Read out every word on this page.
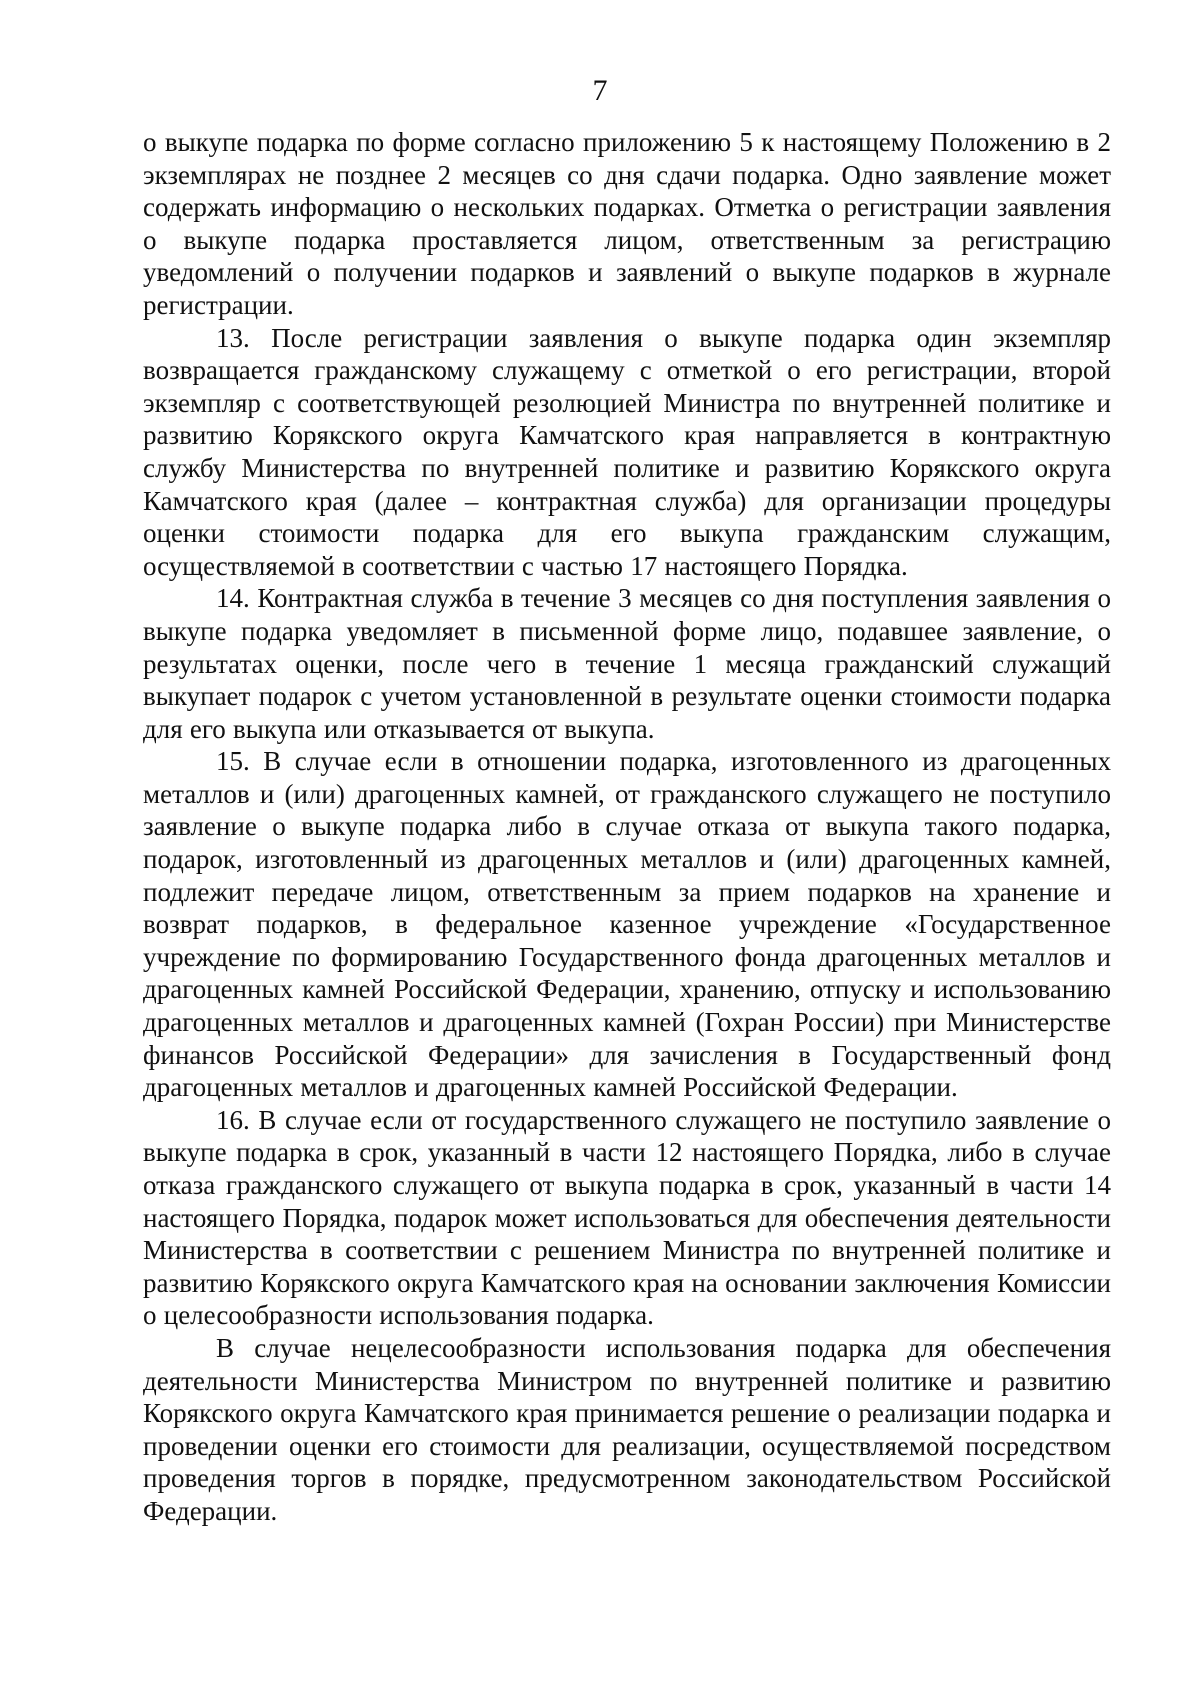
7

о выкупе подарка по форме согласно приложению 5 к настоящему Положению в 2 экземплярах не позднее 2 месяцев со дня сдачи подарка. Одно заявление может содержать информацию о нескольких подарках. Отметка о регистрации заявления о выкупе подарка проставляется лицом, ответственным за регистрацию уведомлений о получении подарков и заявлений о выкупе подарков в журнале регистрации.

13. После регистрации заявления о выкупе подарка один экземпляр возвращается гражданскому служащему с отметкой о его регистрации, второй экземпляр с соответствующей резолюцией Министра по внутренней политике и развитию Корякского округа Камчатского края направляется в контрактную службу Министерства по внутренней политике и развитию Корякского округа Камчатского края (далее – контрактная служба) для организации процедуры оценки стоимости подарка для его выкупа гражданским служащим, осуществляемой в соответствии с частью 17 настоящего Порядка.

14. Контрактная служба в течение 3 месяцев со дня поступления заявления о выкупе подарка уведомляет в письменной форме лицо, подавшее заявление, о результатах оценки, после чего в течение 1 месяца гражданский служащий выкупает подарок с учетом установленной в результате оценки стоимости подарка для его выкупа или отказывается от выкупа.

15. В случае если в отношении подарка, изготовленного из драгоценных металлов и (или) драгоценных камней, от гражданского служащего не поступило заявление о выкупе подарка либо в случае отказа от выкупа такого подарка, подарок, изготовленный из драгоценных металлов и (или) драгоценных камней, подлежит передаче лицом, ответственным за прием подарков на хранение и возврат подарков, в федеральное казенное учреждение «Государственное учреждение по формированию Государственного фонда драгоценных металлов и драгоценных камней Российской Федерации, хранению, отпуску и использованию драгоценных металлов и драгоценных камней (Гохран России) при Министерстве финансов Российской Федерации» для зачисления в Государственный фонд драгоценных металлов и драгоценных камней Российской Федерации.

16. В случае если от государственного служащего не поступило заявление о выкупе подарка в срок, указанный в части 12 настоящего Порядка, либо в случае отказа гражданского служащего от выкупа подарка в срок, указанный в части 14 настоящего Порядка, подарок может использоваться для обеспечения деятельности Министерства в соответствии с решением Министра по внутренней политике и развитию Корякского округа Камчатского края на основании заключения Комиссии о целесообразности использования подарка.

В случае нецелесообразности использования подарка для обеспечения деятельности Министерства Министром по внутренней политике и развитию Корякского округа Камчатского края принимается решение о реализации подарка и проведении оценки его стоимости для реализации, осуществляемой посредством проведения торгов в порядке, предусмотренном законодательством Российской Федерации.
